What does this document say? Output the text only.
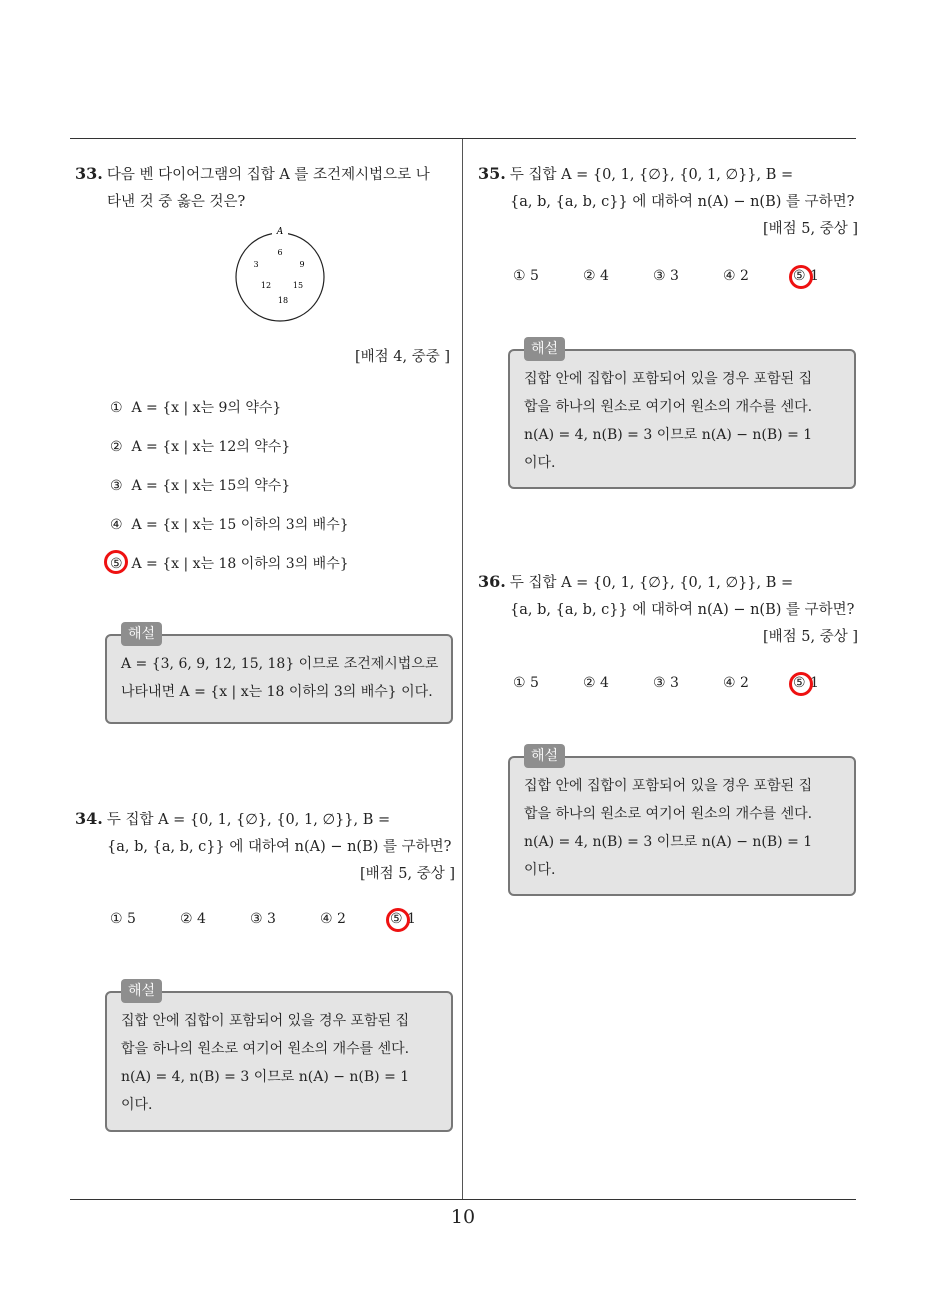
33. 다음 벤 다이어그램의 집합 A 를 조건제시법으로 나
타낸 것 중 옳은 것은?
A
6
3	9
12	15
18
[배점 4, 중중 ]
① A = {x | x는 9의 약수}
② A = {x | x는 12의 약수}
③ A = {x | x는 15의 약수}
④ A = {x | x는 15 이하의 3의 배수}
⑤ A = {x | x는 18 이하의 3의 배수}
해설
A = {3, 6, 9, 12, 15, 18} 이므로 조건제시법으로
나타내면 A = {x | x는 18 이하의 3의 배수} 이다.
34. 두 집합 A = {0, 1, {∅}, {0, 1, ∅}}, B =
{a, b, {a, b, c}} 에 대하여 n(A) − n(B) 를 구하면?
[배점 5, 중상 ]
① 5	② 4	③ 3	④ 2	⑤ 1
해설
집합 안에 집합이 포함되어 있을 경우 포함된 집
합을 하나의 원소로 여기어 원소의 개수를 센다.
n(A) = 4, n(B) = 3 이므로 n(A) − n(B) = 1
이다.
35. 두 집합 A = {0, 1, {∅}, {0, 1, ∅}}, B =
{a, b, {a, b, c}} 에 대하여 n(A) − n(B) 를 구하면?
[배점 5, 중상 ]
① 5	② 4	③ 3	④ 2	⑤ 1
해설
집합 안에 집합이 포함되어 있을 경우 포함된 집
합을 하나의 원소로 여기어 원소의 개수를 센다.
n(A) = 4, n(B) = 3 이므로 n(A) − n(B) = 1
이다.
36. 두 집합 A = {0, 1, {∅}, {0, 1, ∅}}, B =
{a, b, {a, b, c}} 에 대하여 n(A) − n(B) 를 구하면?
[배점 5, 중상 ]
① 5	② 4	③ 3	④ 2	⑤ 1
해설
집합 안에 집합이 포함되어 있을 경우 포함된 집
합을 하나의 원소로 여기어 원소의 개수를 센다.
n(A) = 4, n(B) = 3 이므로 n(A) − n(B) = 1
이다.
10
